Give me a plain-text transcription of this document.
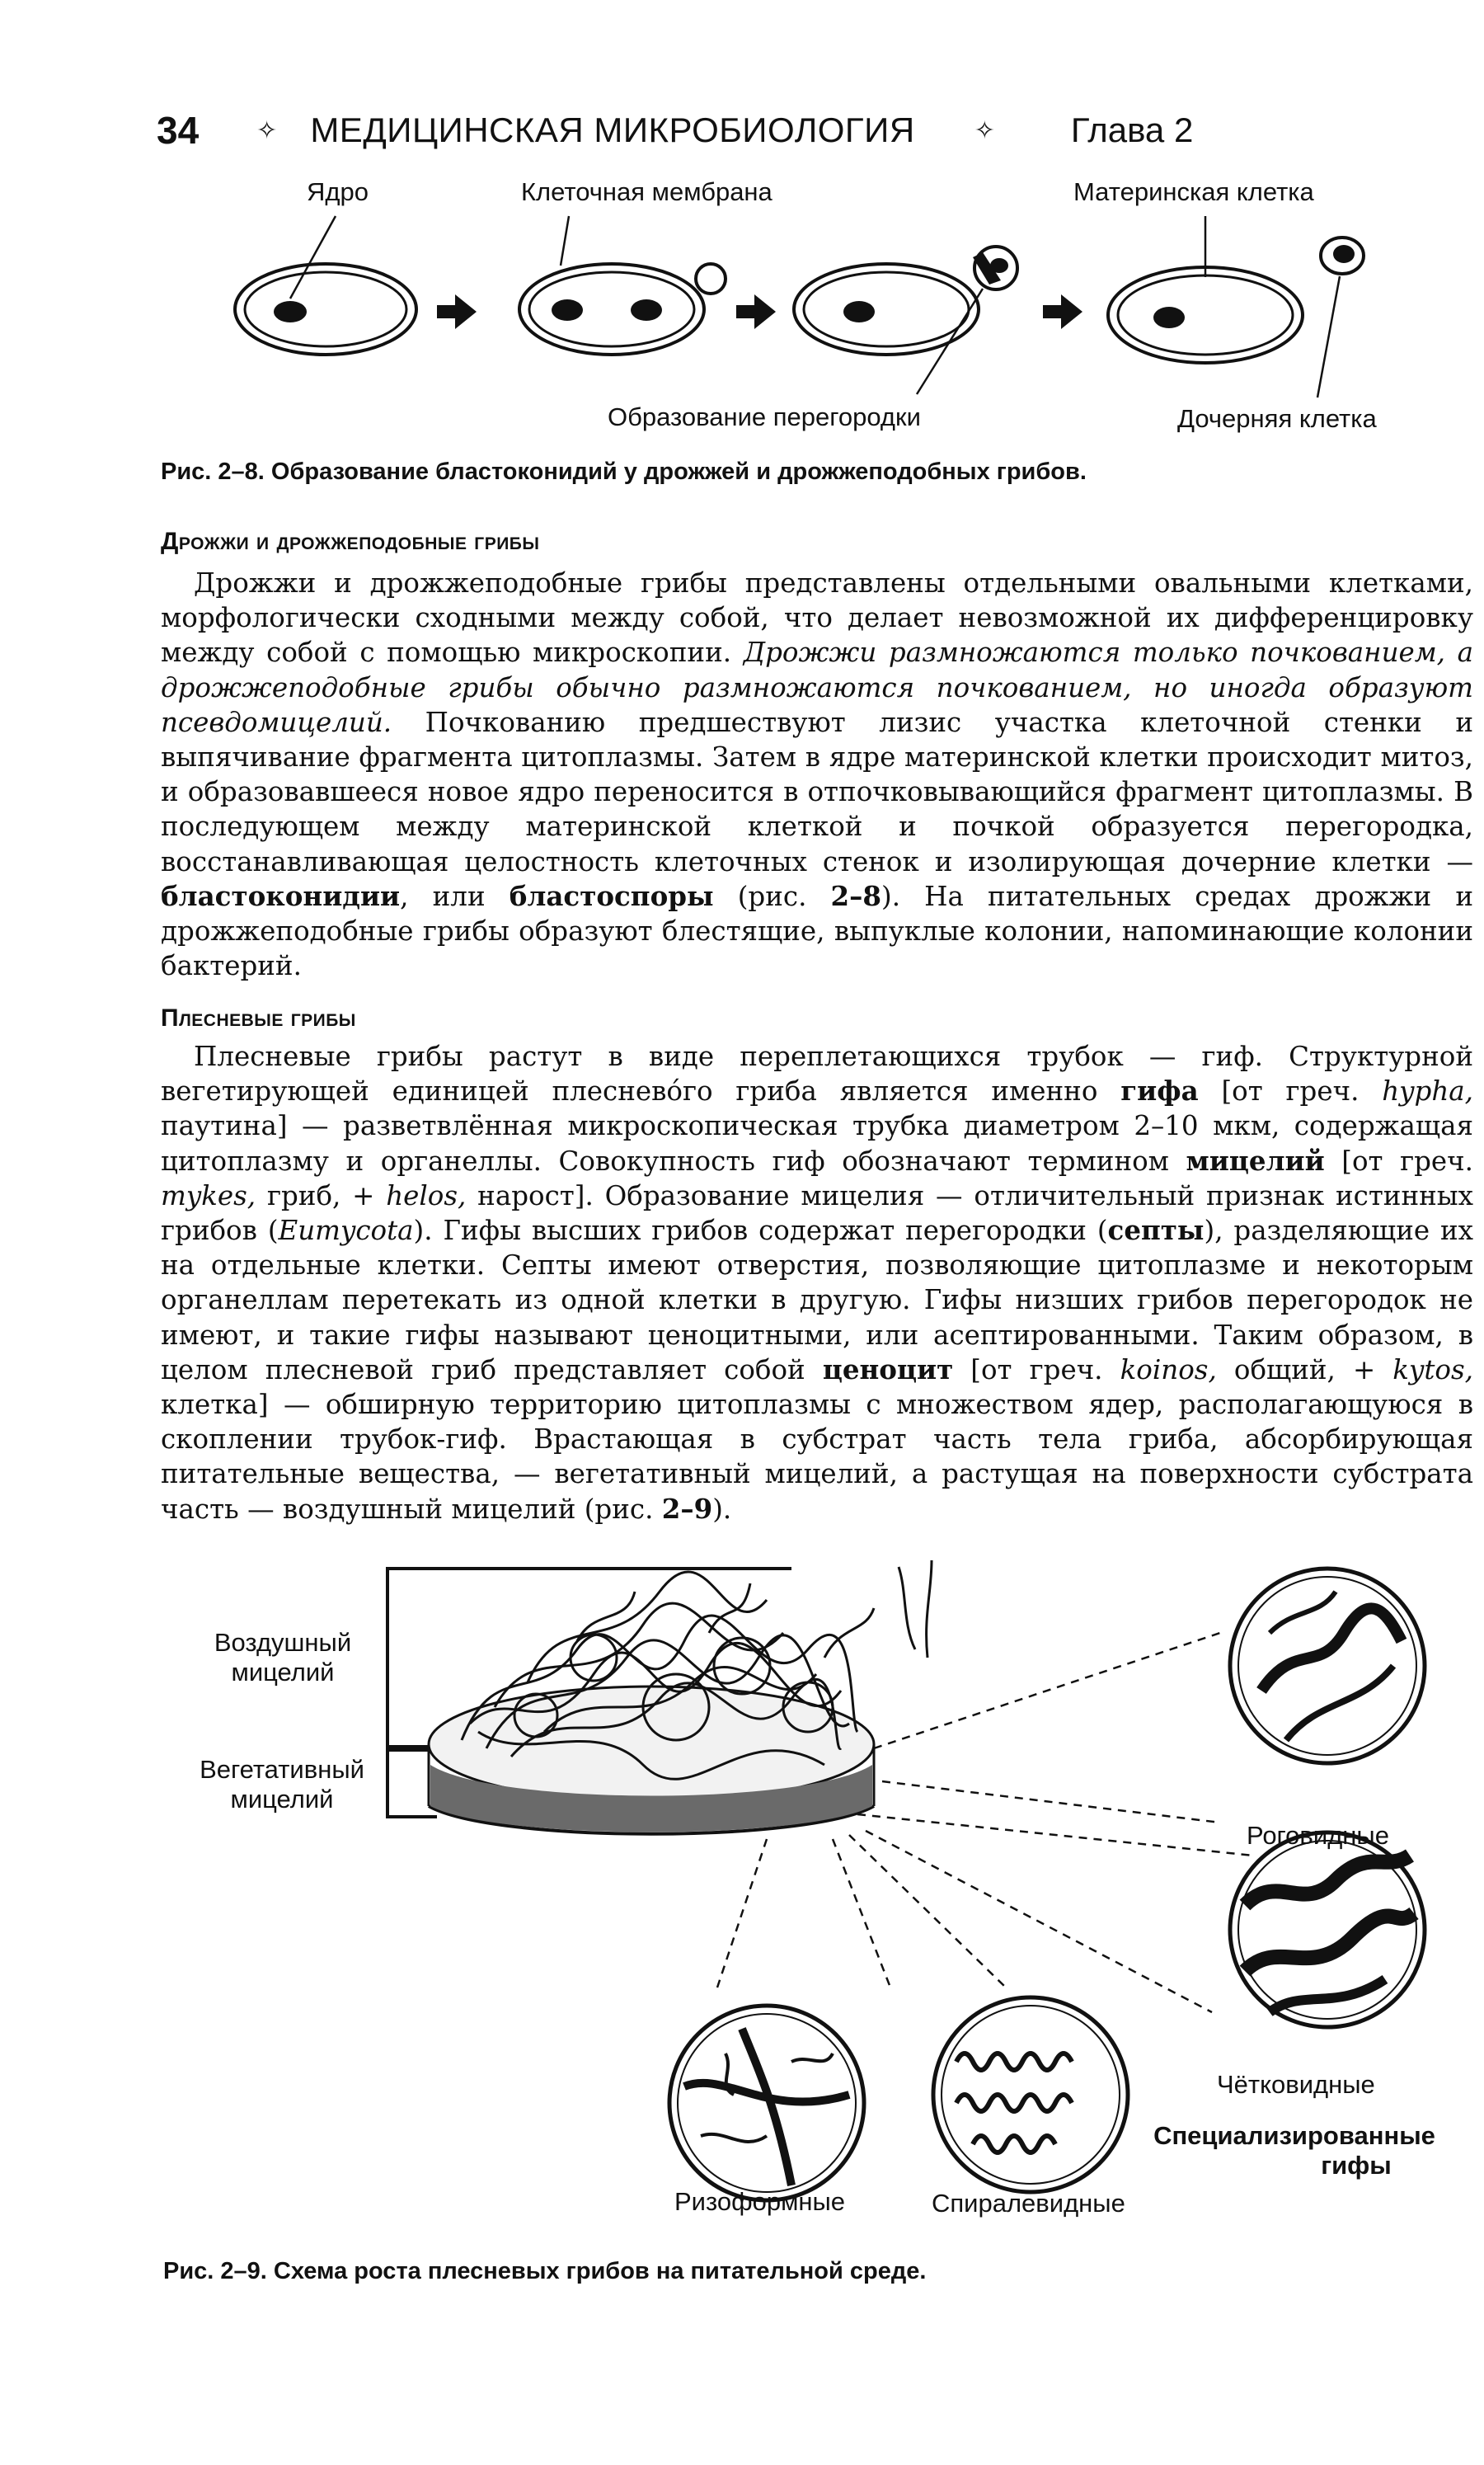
34 ✧ МЕДИЦИНСКАЯ МИКРОБИОЛОГИЯ ✧ Глава 2
Ядро	Клеточная мембрана	Материнская клетка
Образование перегородки	Дочерняя клетка
Рис. 2–8. Образование бластоконидий у дрожжей и дрожжеподобных грибов.
Дрожжи и дрожжеподобные грибы

Дрожжи и дрожжеподобные грибы представлены отдельными овальными клетками, морфологически сходными между собой, что делает невозможной их дифференцировку между собой с помощью микроскопии. Дрожжи размножаются только почкованием, а дрожжеподобные грибы обычно размножаются почкованием, но иногда образуют псевдомицелий. Почкованию предшествуют лизис участка клеточной стенки и выпячивание фрагмента цитоплазмы. Затем в ядре материнской клетки происходит митоз, и образовавшееся новое ядро переносится в отпочковывающийся фрагмент цитоплазмы. В последующем между материнской клеткой и почкой образуется перегородка, восстанавливающая целостность клеточных стенок и изолирующая дочерние клетки — бластоконидии, или бластоспоры (рис. 2–8). На питательных средах дрожжи и дрожжеподобные грибы образуют блестящие, выпуклые колонии, напоминающие колонии бактерий.

Плесневые грибы

Плесневые грибы растут в виде переплетающихся трубок — гиф. Структурной вегетирующей единицей плесневóго гриба является именно гифа [от греч. hypha, паутина] — разветвлённая микроскопическая трубка диаметром 2–10 мкм, содержащая цитоплазму и органеллы. Совокупность гиф обозначают термином мицелий [от греч. mykes, гриб, + helos, нарост]. Образование мицелия — отличительный признак истинных грибов (Eumycota). Гифы высших грибов содержат перегородки (септы), разделяющие их на отдельные клетки. Септы имеют отверстия, позволяющие цитоплазме и некоторым органеллам перетекать из одной клетки в другую. Гифы низших грибов перегородок не имеют, и такие гифы называют ценоцитными, или асептированными. Таким образом, в целом плесневой гриб представляет собой ценоцит [от греч. koinos, общий, + kytos, клетка] — обширную территорию цитоплазмы с множеством ядер, располагающуюся в скоплении трубок-гиф. Врастающая в субстрат часть тела гриба, абсорбирующая питательные вещества, — вегетативный мицелий, а растущая на поверхности субстрата часть — воздушный мицелий (рис. 2–9).

Воздушный
мицелий
Вегетативный
мицелий
Роговидные
Чётковидные
Специализированные
гифы
Ризоформные	Спиралевидные
Рис. 2–9. Схема роста плесневых грибов на питательной среде.
